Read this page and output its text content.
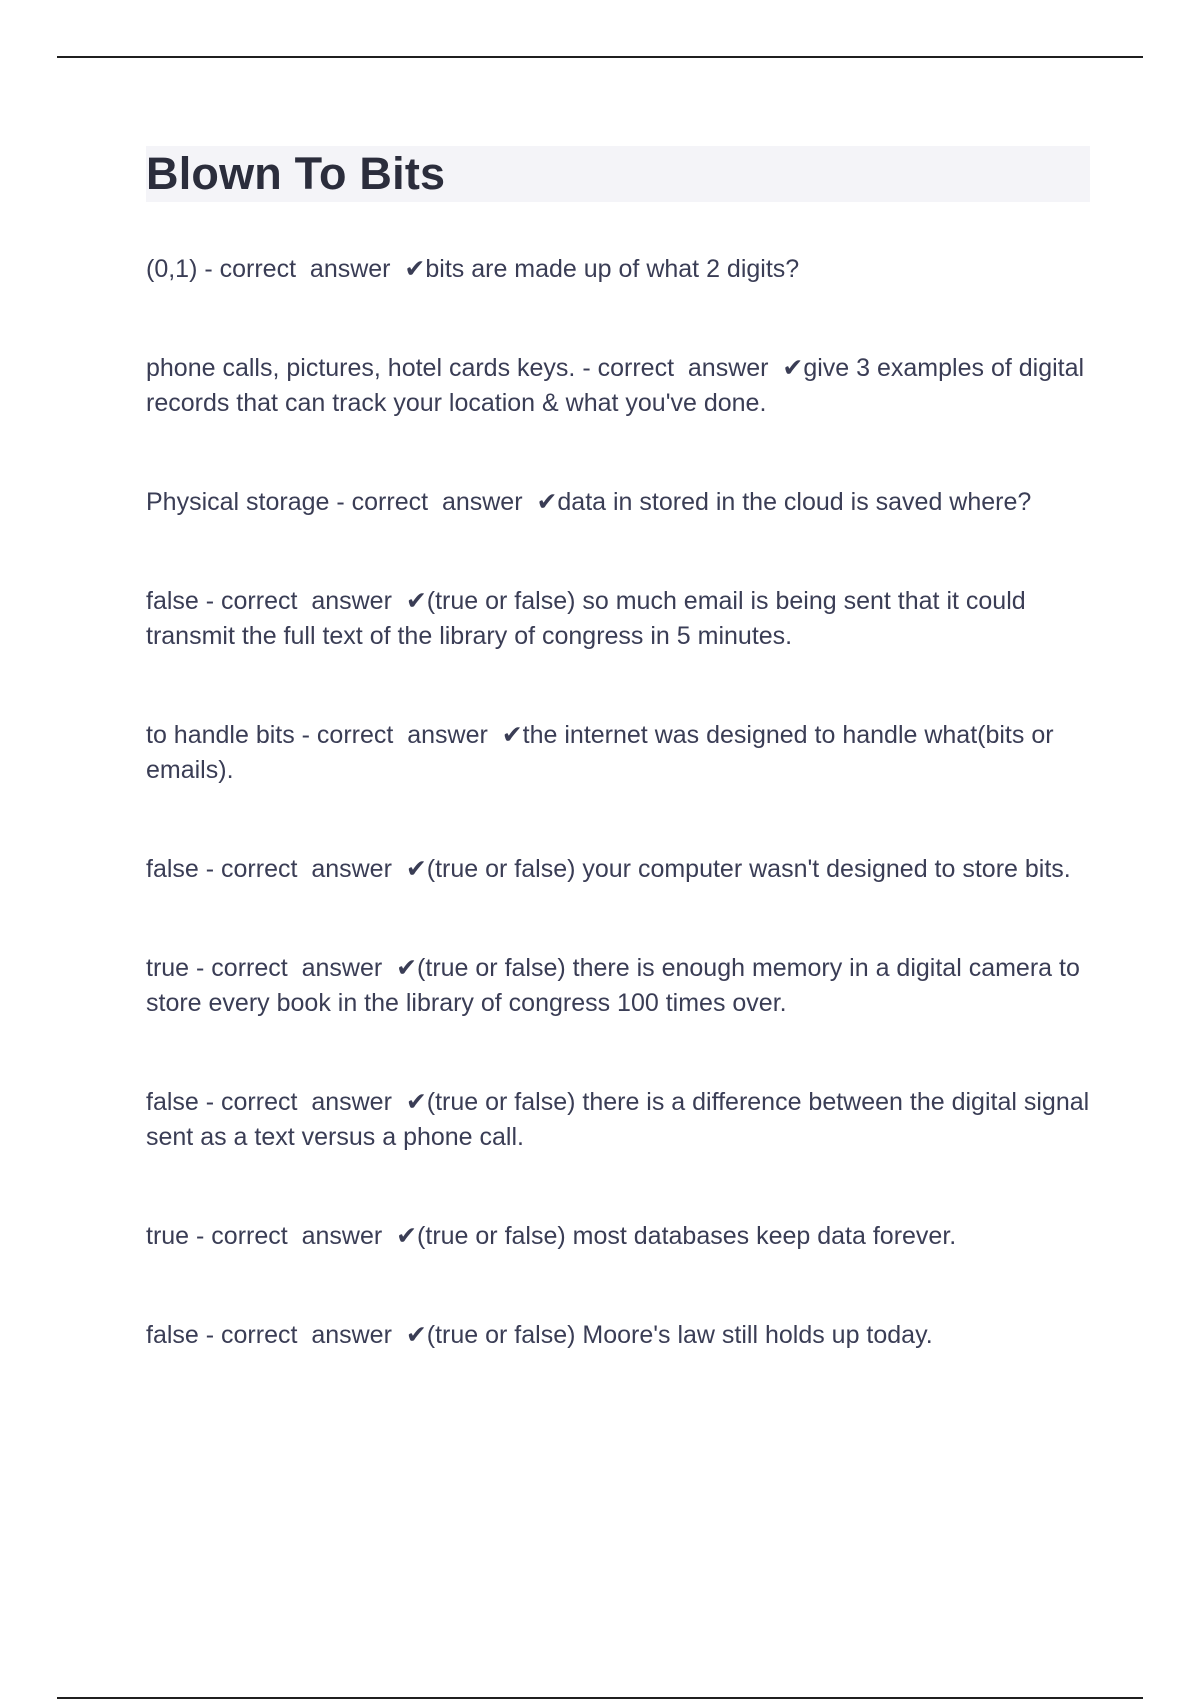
Blown To Bits

(0,1) - correct  answer  ✔bits are made up of what 2 digits?

phone calls, pictures, hotel cards keys. - correct  answer  ✔give 3 examples of digital records that can track your location & what you've done.

Physical storage - correct  answer  ✔data in stored in the cloud is saved where?

false - correct  answer  ✔(true or false) so much email is being sent that it could transmit the full text of the library of congress in 5 minutes.

to handle bits - correct  answer  ✔the internet was designed to handle what(bits or emails).

false - correct  answer  ✔(true or false) your computer wasn't designed to store bits.

true - correct  answer  ✔(true or false) there is enough memory in a digital camera to store every book in the library of congress 100 times over.

false - correct  answer  ✔(true or false) there is a difference between the digital signal sent as a text versus a phone call.

true - correct  answer  ✔(true or false) most databases keep data forever.

false - correct  answer  ✔(true or false) Moore's law still holds up today.
